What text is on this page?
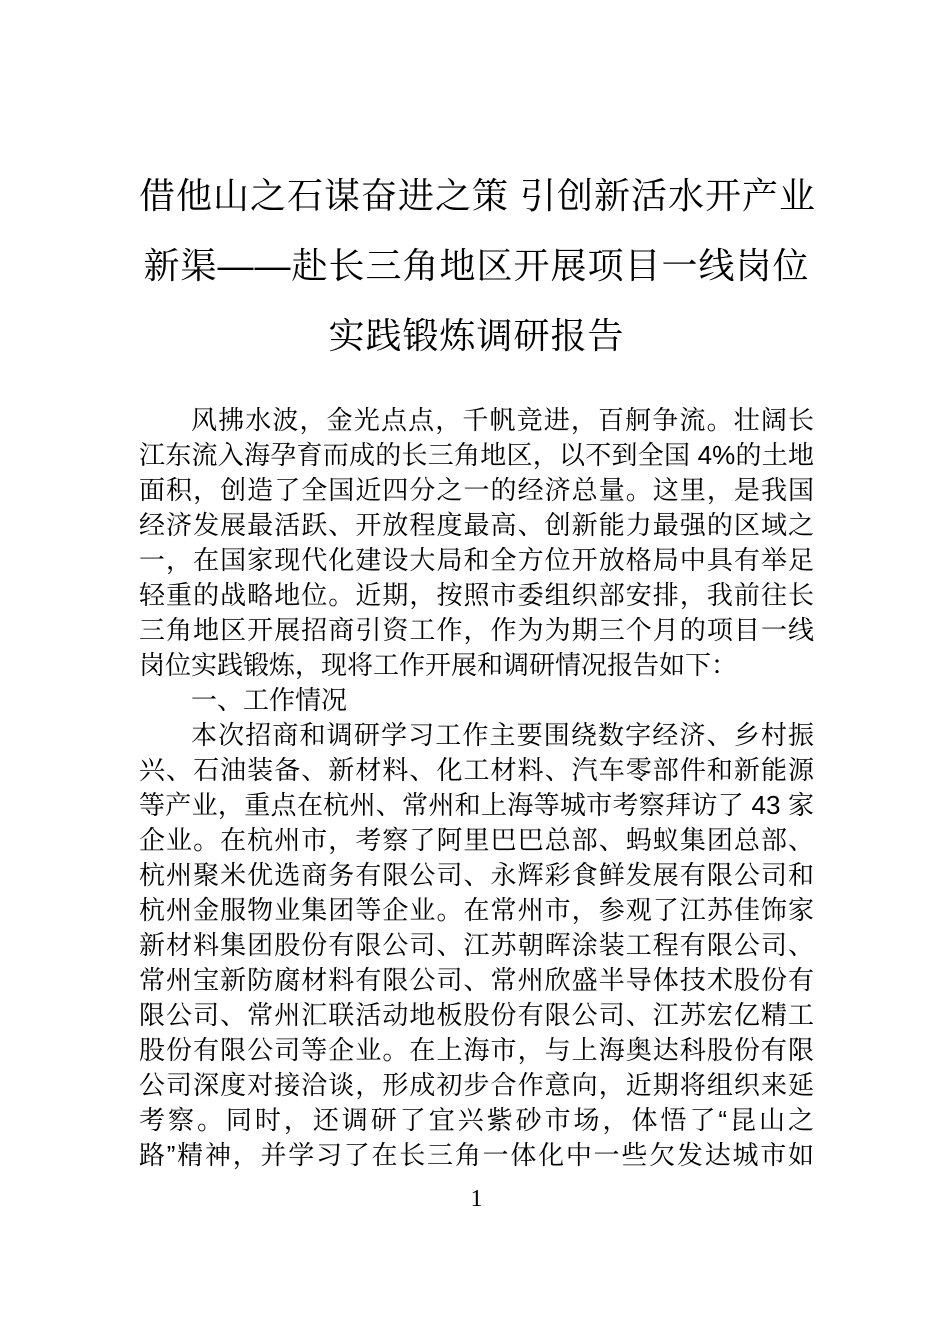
借他山之石谋奋进之策 引创新活水开产业
新渠——赴长三角地区开展项目一线岗位
实践锻炼调研报告
风拂水波，金光点点，千帆竞进，百舸争流。壮阔长
江东流入海孕育而成的长三角地区，以不到全国 4%的土地
面积，创造了全国近四分之一的经济总量。这里，是我国
经济发展最活跃、开放程度最高、创新能力最强的区域之
一，在国家现代化建设大局和全方位开放格局中具有举足
轻重的战略地位。近期，按照市委组织部安排，我前往长
三角地区开展招商引资工作，作为为期三个月的项目一线
岗位实践锻炼，现将工作开展和调研情况报告如下：
一、工作情况
本次招商和调研学习工作主要围绕数字经济、乡村振
兴、石油装备、新材料、化工材料、汽车零部件和新能源
等产业，重点在杭州、常州和上海等城市考察拜访了 43 家
企业。在杭州市，考察了阿里巴巴总部、蚂蚁集团总部、
杭州聚米优选商务有限公司、永辉彩食鲜发展有限公司和
杭州金服物业集团等企业。在常州市，参观了江苏佳饰家
新材料集团股份有限公司、江苏朝晖涂装工程有限公司、
常州宝新防腐材料有限公司、常州欣盛半导体技术股份有
限公司、常州汇联活动地板股份有限公司、江苏宏亿精工
股份有限公司等企业。在上海市，与上海奥达科股份有限
公司深度对接洽谈，形成初步合作意向，近期将组织来延
考察。同时，还调研了宜兴紫砂市场，体悟了“昆山之
路”精神，并学习了在长三角一体化中一些欠发达城市如
1
